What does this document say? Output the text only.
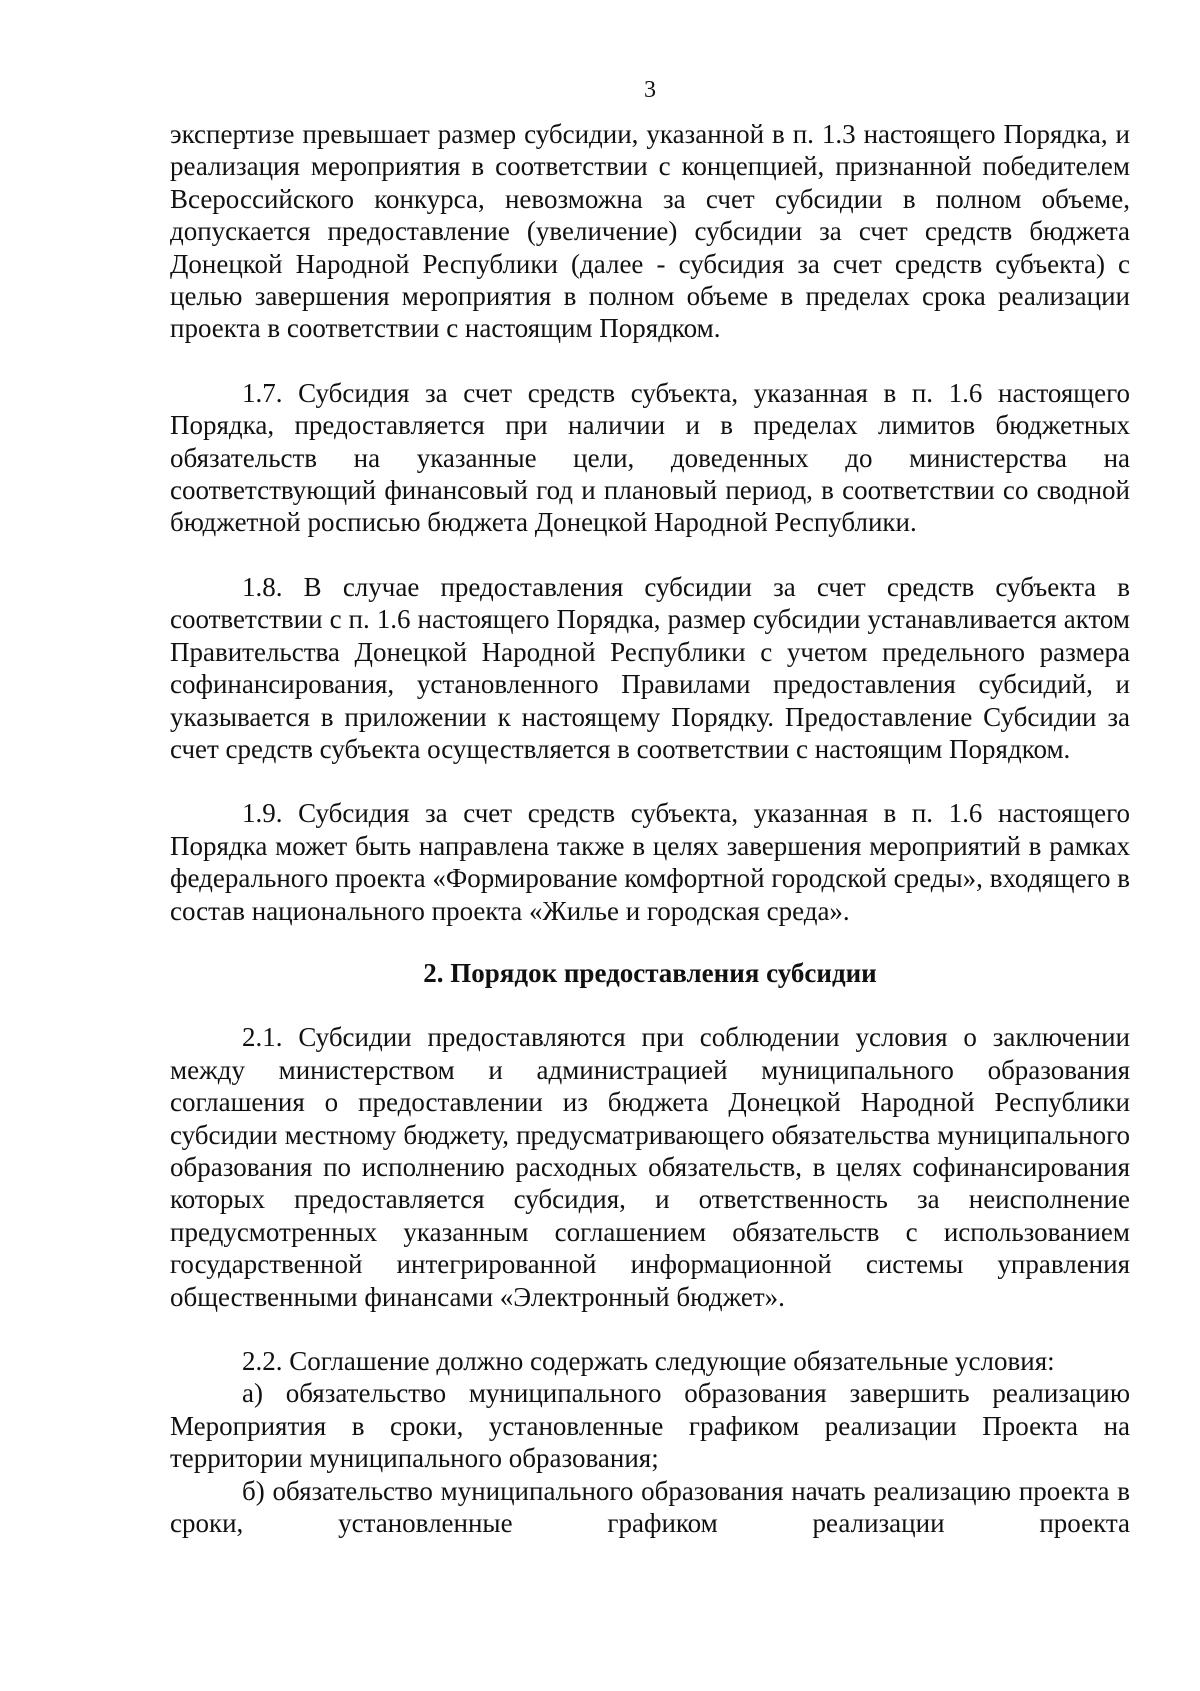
3

экспертизе превышает размер субсидии, указанной в п. 1.3 настоящего Порядка, и реализация мероприятия в соответствии с концепцией, признанной победителем Всероссийского конкурса, невозможна за счет субсидии в полном объеме, допускается предоставление (увеличение) субсидии за счет средств бюджета Донецкой Народной Республики (далее - субсидия за счет средств субъекта) с целью завершения мероприятия в полном объеме в пределах срока реализации проекта в соответствии с настоящим Порядком.

1.7. Субсидия за счет средств субъекта, указанная в п. 1.6 настоящего Порядка, предоставляется при наличии и в пределах лимитов бюджетных обязательств на указанные цели, доведенных до министерства на соответствующий финансовый год и плановый период, в соответствии со сводной бюджетной росписью бюджета Донецкой Народной Республики.

1.8. В случае предоставления субсидии за счет средств субъекта в соответствии с п. 1.6 настоящего Порядка, размер субсидии устанавливается актом Правительства Донецкой Народной Республики с учетом предельного размера софинансирования, установленного Правилами предоставления субсидий, и указывается в приложении к настоящему Порядку. Предоставление Субсидии за счет средств субъекта осуществляется в соответствии с настоящим Порядком.

1.9. Субсидия за счет средств субъекта, указанная в п. 1.6 настоящего Порядка может быть направлена также в целях завершения мероприятий в рамках федерального проекта «Формирование комфортной городской среды», входящего в состав национального проекта «Жилье и городская среда».

2. Порядок предоставления субсидии

2.1. Субсидии предоставляются при соблюдении условия о заключении между министерством и администрацией муниципального образования соглашения о предоставлении из бюджета Донецкой Народной Республики субсидии местному бюджету, предусматривающего обязательства муниципального образования по исполнению расходных обязательств, в целях софинансирования которых предоставляется субсидия, и ответственность за неисполнение предусмотренных указанным соглашением обязательств с использованием государственной интегрированной информационной системы управления общественными финансами «Электронный бюджет».

2.2. Соглашение должно содержать следующие обязательные условия:

а) обязательство муниципального образования завершить реализацию Мероприятия в сроки, установленные графиком реализации Проекта на территории муниципального образования;

б) обязательство муниципального образования начать реализацию проекта в сроки, установленные графиком реализации проекта
